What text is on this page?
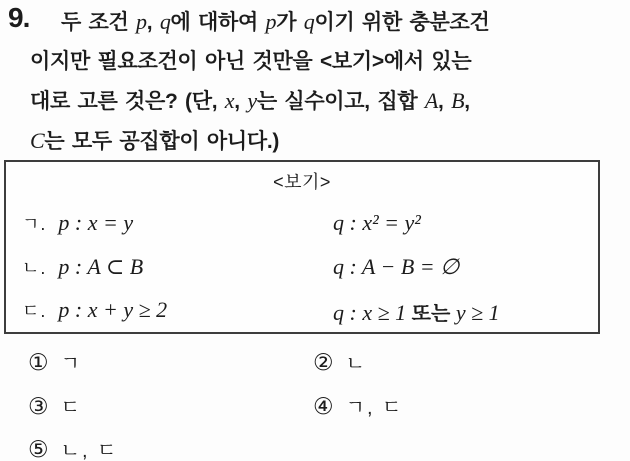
9.	두 조건 p, q에 대하여 p가 q이기 위한 충분조건
이지만 필요조건이 아닌 것만을 <보기>에서 있는
대로 고른 것은? (단, x, y는 실수이고, 집합 A, B,
C는 모두 공집합이 아니다.)
<보기>
ㄱ. p : x = y	q : x² = y²
ㄴ. p : A ⊂ B	q : A − B = ∅
ㄷ. p : x + y ≥ 2	q : x ≥ 1 또는 y ≥ 1
① ㄱ	② ㄴ
③ ㄷ	④ ㄱ, ㄷ
⑤ ㄴ, ㄷ
